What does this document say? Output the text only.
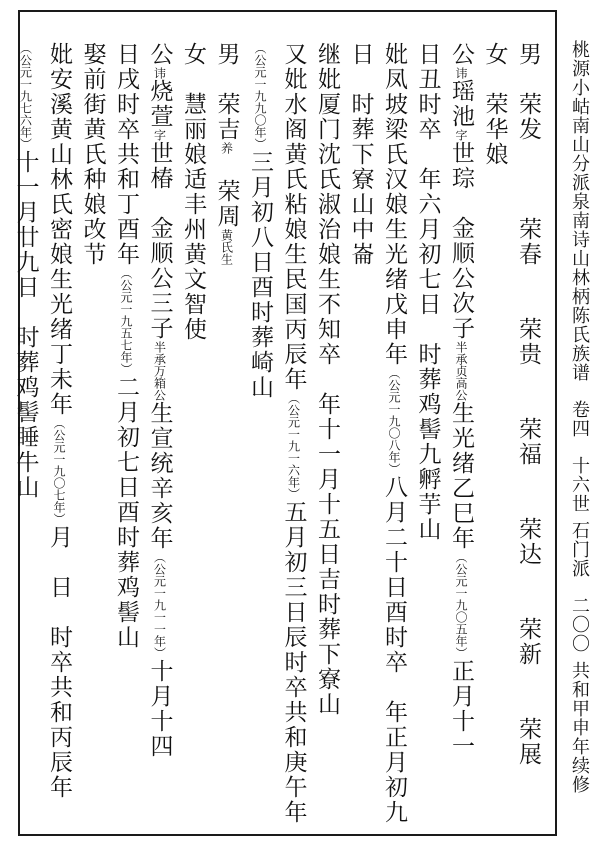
男　荣发　　　荣春　　荣贵　　荣福　　荣达　　荣新　　荣展
女　荣华娘
公讳瑶池字世琮　金顺公次子半承贞高公生光绪乙巳年（公元一九〇五年）正月十一
日丑时卒　年六月初七日　时葬鸡髻九孵芋山
妣凤坡梁氏汉娘生光绪戊申年（公元一九〇八年）八月二十日酉时卒　年正月初九
日　时葬下寮山中崙
继妣厦门沈氏淑治娘生不知卒　年十一月十五日吉时葬下寮山
又妣水阁黄氏粘娘生民国丙辰年（公元一九一六年）五月初三日辰时卒共和庚午年
（公元一九九〇年）三月初八日酉时葬崎山
男　荣吉养　荣周黄氏生
女　慧丽娘适丰州黄文智使
公讳烧萱字世椿　金顺公三子半承万箱公生宣统辛亥年（公元一九一一年）十月十四
日戌时卒共和丁酉年（公元一九五七年）二月初七日酉时葬鸡髻山
娶前街黄氏种娘改节
妣安溪黄山林氏密娘生光绪丁未年（公元一九〇七年）月　日　时卒共和丙辰年
（公元一九七六年）十一月廿九日　时葬鸡髻睡牛山	桃源小岵南山分派泉南诗山林柄陈氏族谱卷四十六世石门派二〇〇共和甲申年续修
